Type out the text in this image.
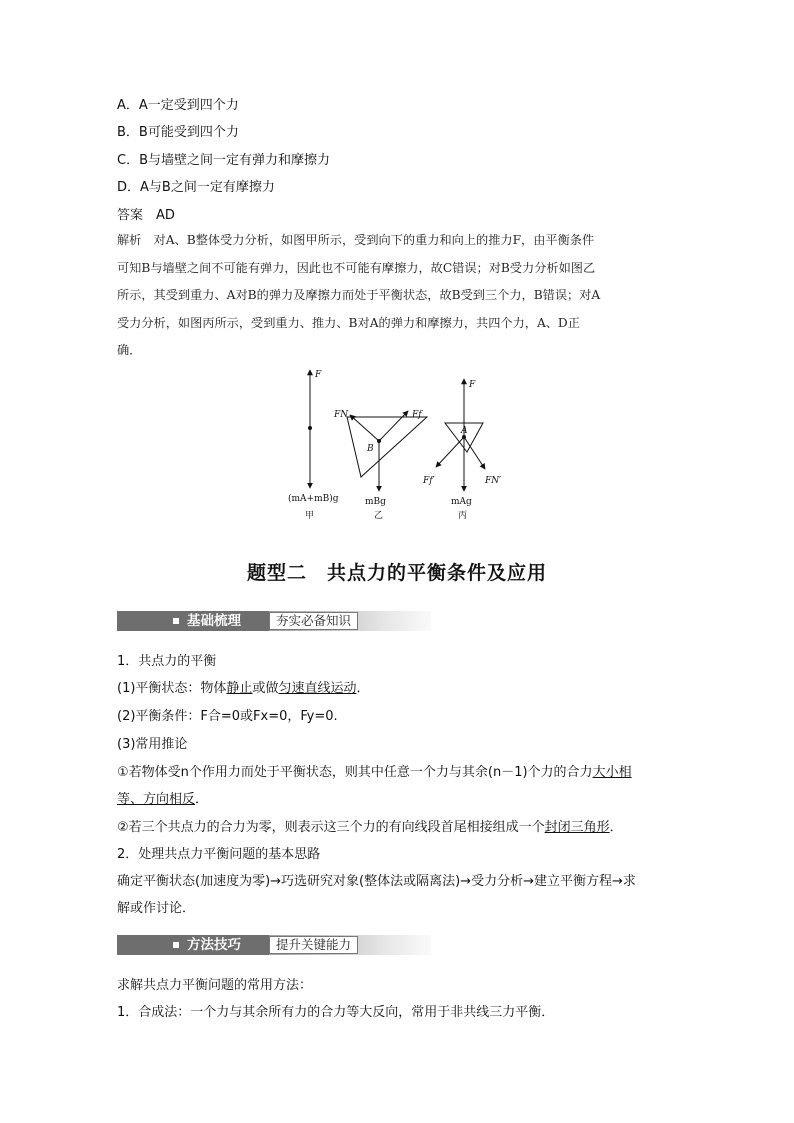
A．A一定受到四个力
B．B可能受到四个力
C．B与墙壁之间一定有弹力和摩擦力
D．A与B之间一定有摩擦力
答案　 AD
解析　对A、B整体受力分析，如图甲所示，受到向下的重力和向上的推力F，由平衡条件
可知B与墙壁之间不可能有弹力，因此也不可能有摩擦力，故C错误；对B受力分析如图乙
所示，其受到重力、A对B的弹力及摩擦力而处于平衡状态，故B受到三个力，B错误；对A
受力分析，如图丙所示，受到重力、推力、B对A的弹力和摩擦力，共四个力，A、D正
确．
F
(mA+mB)g
甲
FN	Ff
B
mBg
乙
F
A
FN′
Ff′
mAg
丙
题型二　共点力的平衡条件及应用
基础梳理	夯实必备知识
1．共点力的平衡
(1)平衡状态：物体静止或做匀速直线运动．
(2)平衡条件：F合=0或Fx=0，Fy=0.
(3)常用推论
①若物体受n个作用力而处于平衡状态，则其中任意一个力与其余(n－1)个力的合力大小相
等、方向相反．
②若三个共点力的合力为零，则表示这三个力的有向线段首尾相接组成一个封闭三角形．
2．处理共点力平衡问题的基本思路
确定平衡状态(加速度为零)→巧选研究对象(整体法或隔离法)→受力分析→建立平衡方程→求
解或作讨论．
方法技巧	提升关键能力
求解共点力平衡问题的常用方法：
1．合成法：一个力与其余所有力的合力等大反向，常用于非共线三力平衡．
